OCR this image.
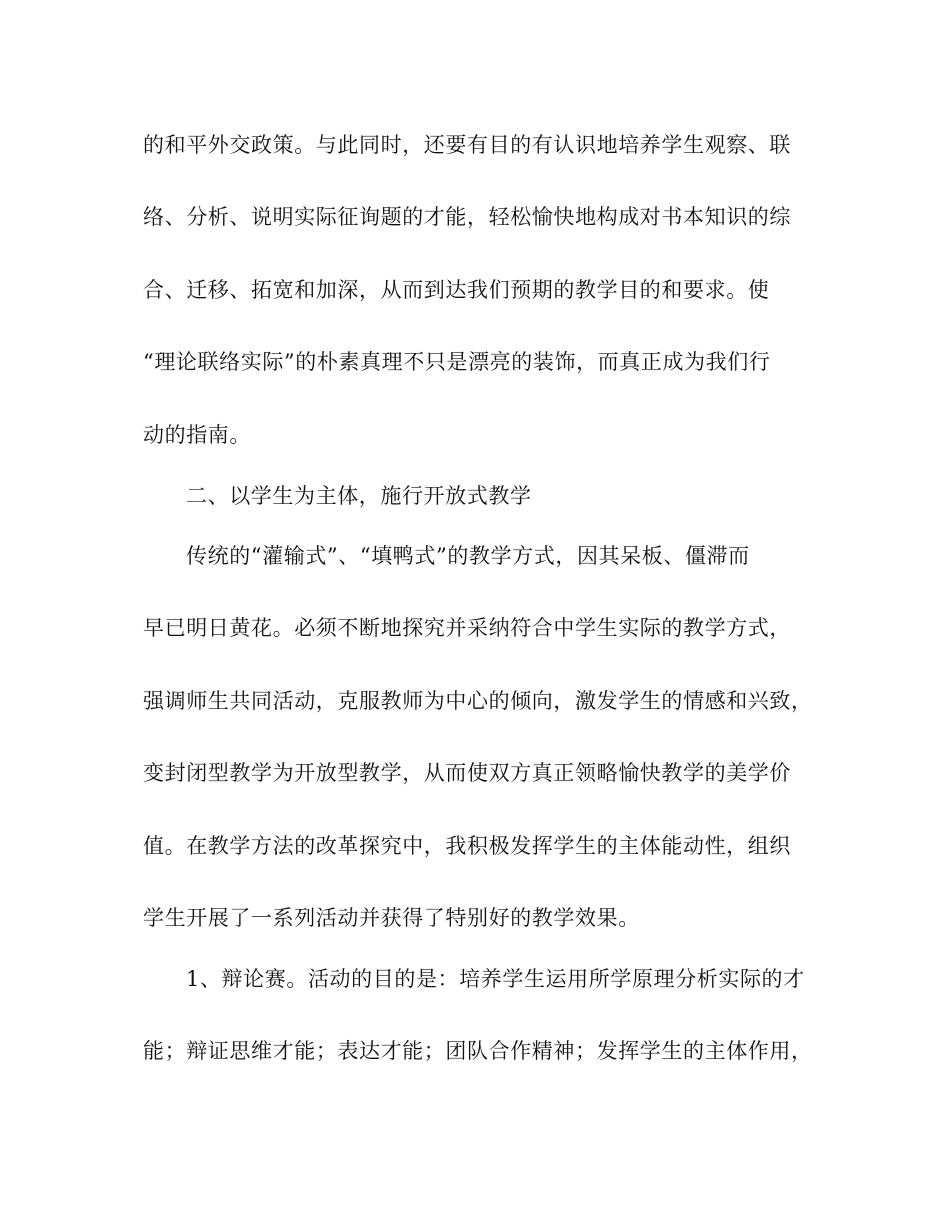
的和平外交政策。与此同时，还要有目的有认识地培养学生观察、联
络、分析、说明实际征询题的才能，轻松愉快地构成对书本知识的综
合、迁移、拓宽和加深，从而到达我们预期的教学目的和要求。使
“理论联络实际”的朴素真理不只是漂亮的装饰，而真正成为我们行
动的指南。
二、以学生为主体，施行开放式教学
传统的“灌输式”、“填鸭式”的教学方式，因其呆板、僵滞而
早已明日黄花。必须不断地探究并采纳符合中学生实际的教学方式，
强调师生共同活动，克服教师为中心的倾向，激发学生的情感和兴致，
变封闭型教学为开放型教学，从而使双方真正领略愉快教学的美学价
值。在教学方法的改革探究中，我积极发挥学生的主体能动性，组织
学生开展了一系列活动并获得了特别好的教学效果。
1、辩论赛。活动的目的是：培养学生运用所学原理分析实际的才
能；辩证思维才能；表达才能；团队合作精神；发挥学生的主体作用，
